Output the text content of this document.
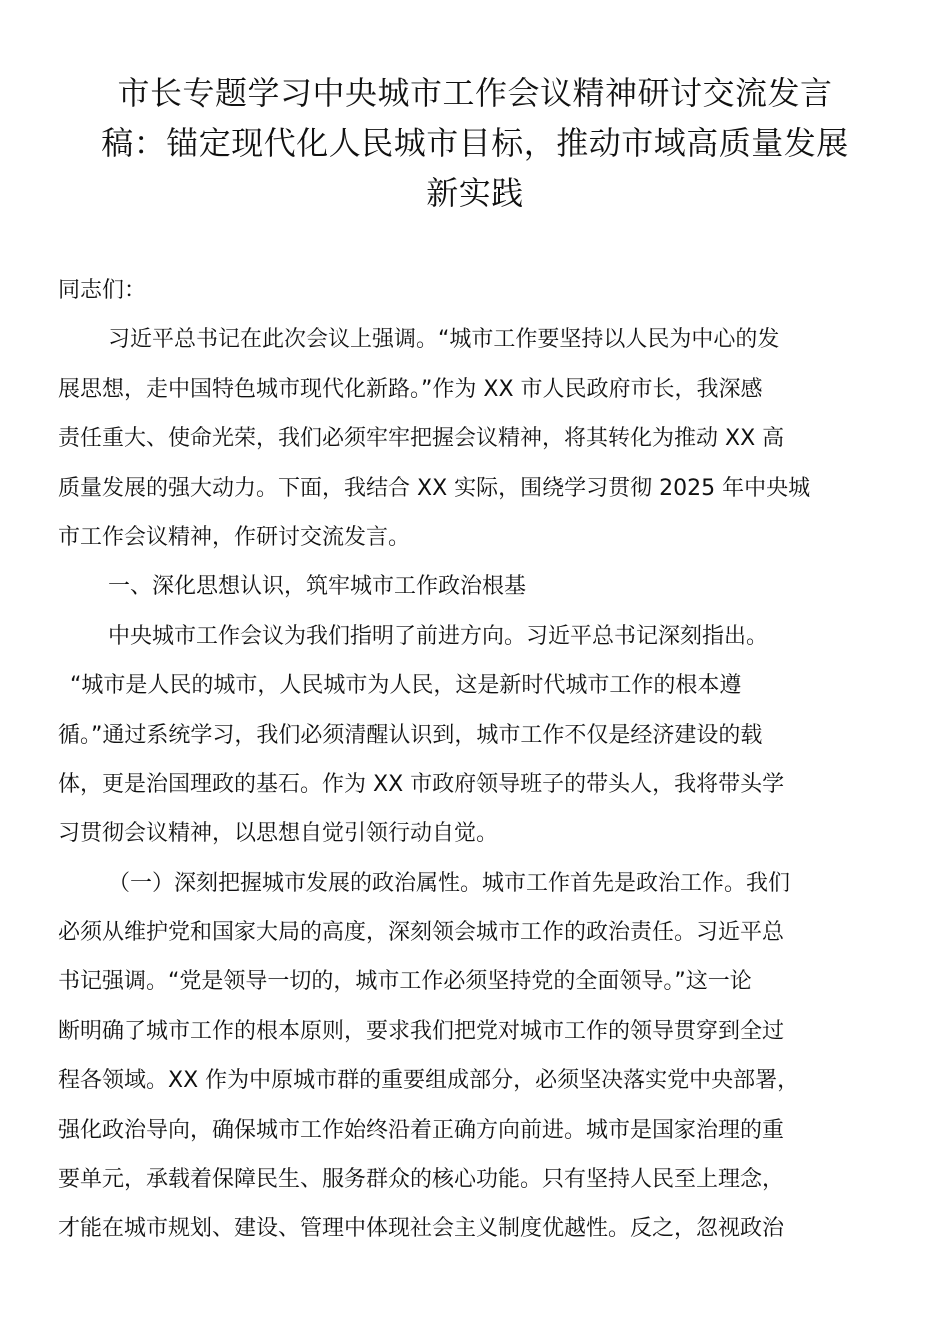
市长专题学习中央城市工作会议精神研讨交流发言
稿：锚定现代化人民城市目标，推动市域高质量发展
新实践
同志们：
习近平总书记在此次会议上强调。“城市工作要坚持以人民为中心的发
展思想，走中国特色城市现代化新路。”作为 XX 市人民政府市长，我深感
责任重大、使命光荣，我们必须牢牢把握会议精神，将其转化为推动 XX 高
质量发展的强大动力。下面，我结合 XX 实际，围绕学习贯彻 2025 年中央城
市工作会议精神，作研讨交流发言。
一、深化思想认识，筑牢城市工作政治根基
中央城市工作会议为我们指明了前进方向。习近平总书记深刻指出。
“城市是人民的城市，人民城市为人民，这是新时代城市工作的根本遵
循。”通过系统学习，我们必须清醒认识到，城市工作不仅是经济建设的载
体，更是治国理政的基石。作为 XX 市政府领导班子的带头人，我将带头学
习贯彻会议精神，以思想自觉引领行动自觉。
（一）深刻把握城市发展的政治属性。城市工作首先是政治工作。我们
必须从维护党和国家大局的高度，深刻领会城市工作的政治责任。习近平总
书记强调。“党是领导一切的，城市工作必须坚持党的全面领导。”这一论
断明确了城市工作的根本原则，要求我们把党对城市工作的领导贯穿到全过
程各领域。XX 作为中原城市群的重要组成部分，必须坚决落实党中央部署，
强化政治导向，确保城市工作始终沿着正确方向前进。城市是国家治理的重
要单元，承载着保障民生、服务群众的核心功能。只有坚持人民至上理念，
才能在城市规划、建设、管理中体现社会主义制度优越性。反之，忽视政治
